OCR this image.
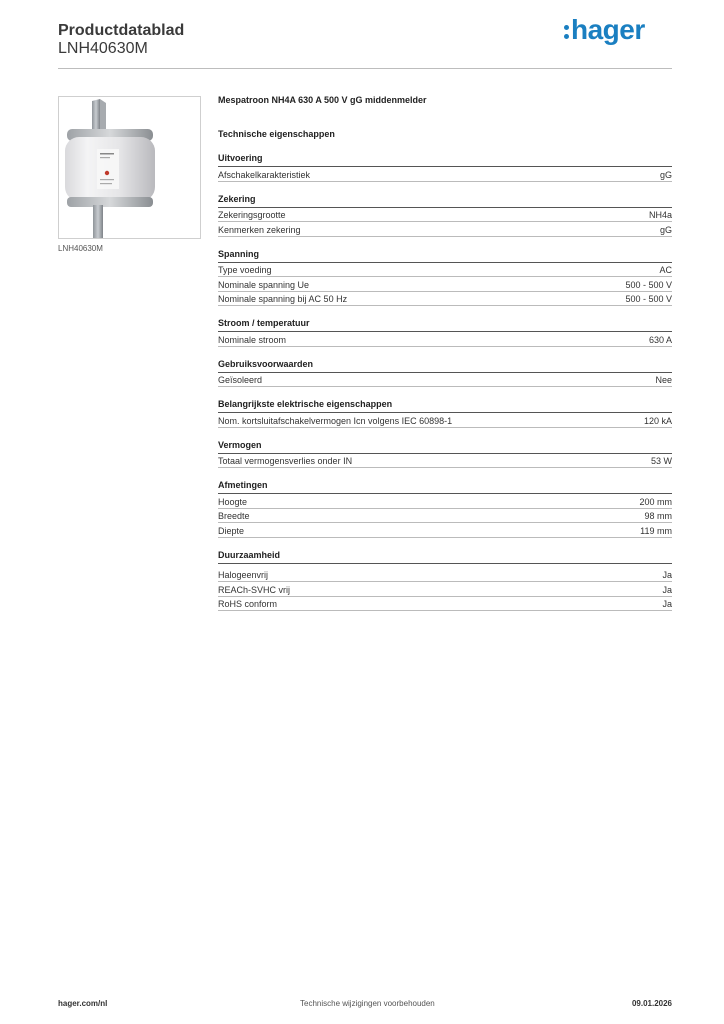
Productdatablad
LNH40630M
hager
LNH40630M
Mespatroon NH4A 630 A 500 V gG middenmelder
Technische eigenschappen
Uitvoering
Afschakelkarakteristiek	gG
Zekering
Zekeringsgrootte	NH4a
Kenmerken zekering	gG
Spanning
Type voeding	AC
Nominale spanning Ue	500 - 500 V
Nominale spanning bij AC 50 Hz	500 - 500 V
Stroom / temperatuur
Nominale stroom	630 A
Gebruiksvoorwaarden
Geïsoleerd	Nee
Belangrijkste elektrische eigenschappen
Nom. kortsluitafschakelvermogen Icn volgens IEC 60898-1	120 kA
Vermogen
Totaal vermogensverlies onder IN	53 W
Afmetingen
Hoogte	200 mm
Breedte	98 mm
Diepte	119 mm
Duurzaamheid
Halogeenvrij	Ja
REACh-SVHC vrij	Ja
RoHS conform	Ja
hager.com/nl	Technische wijzigingen voorbehouden	09.01.2026
